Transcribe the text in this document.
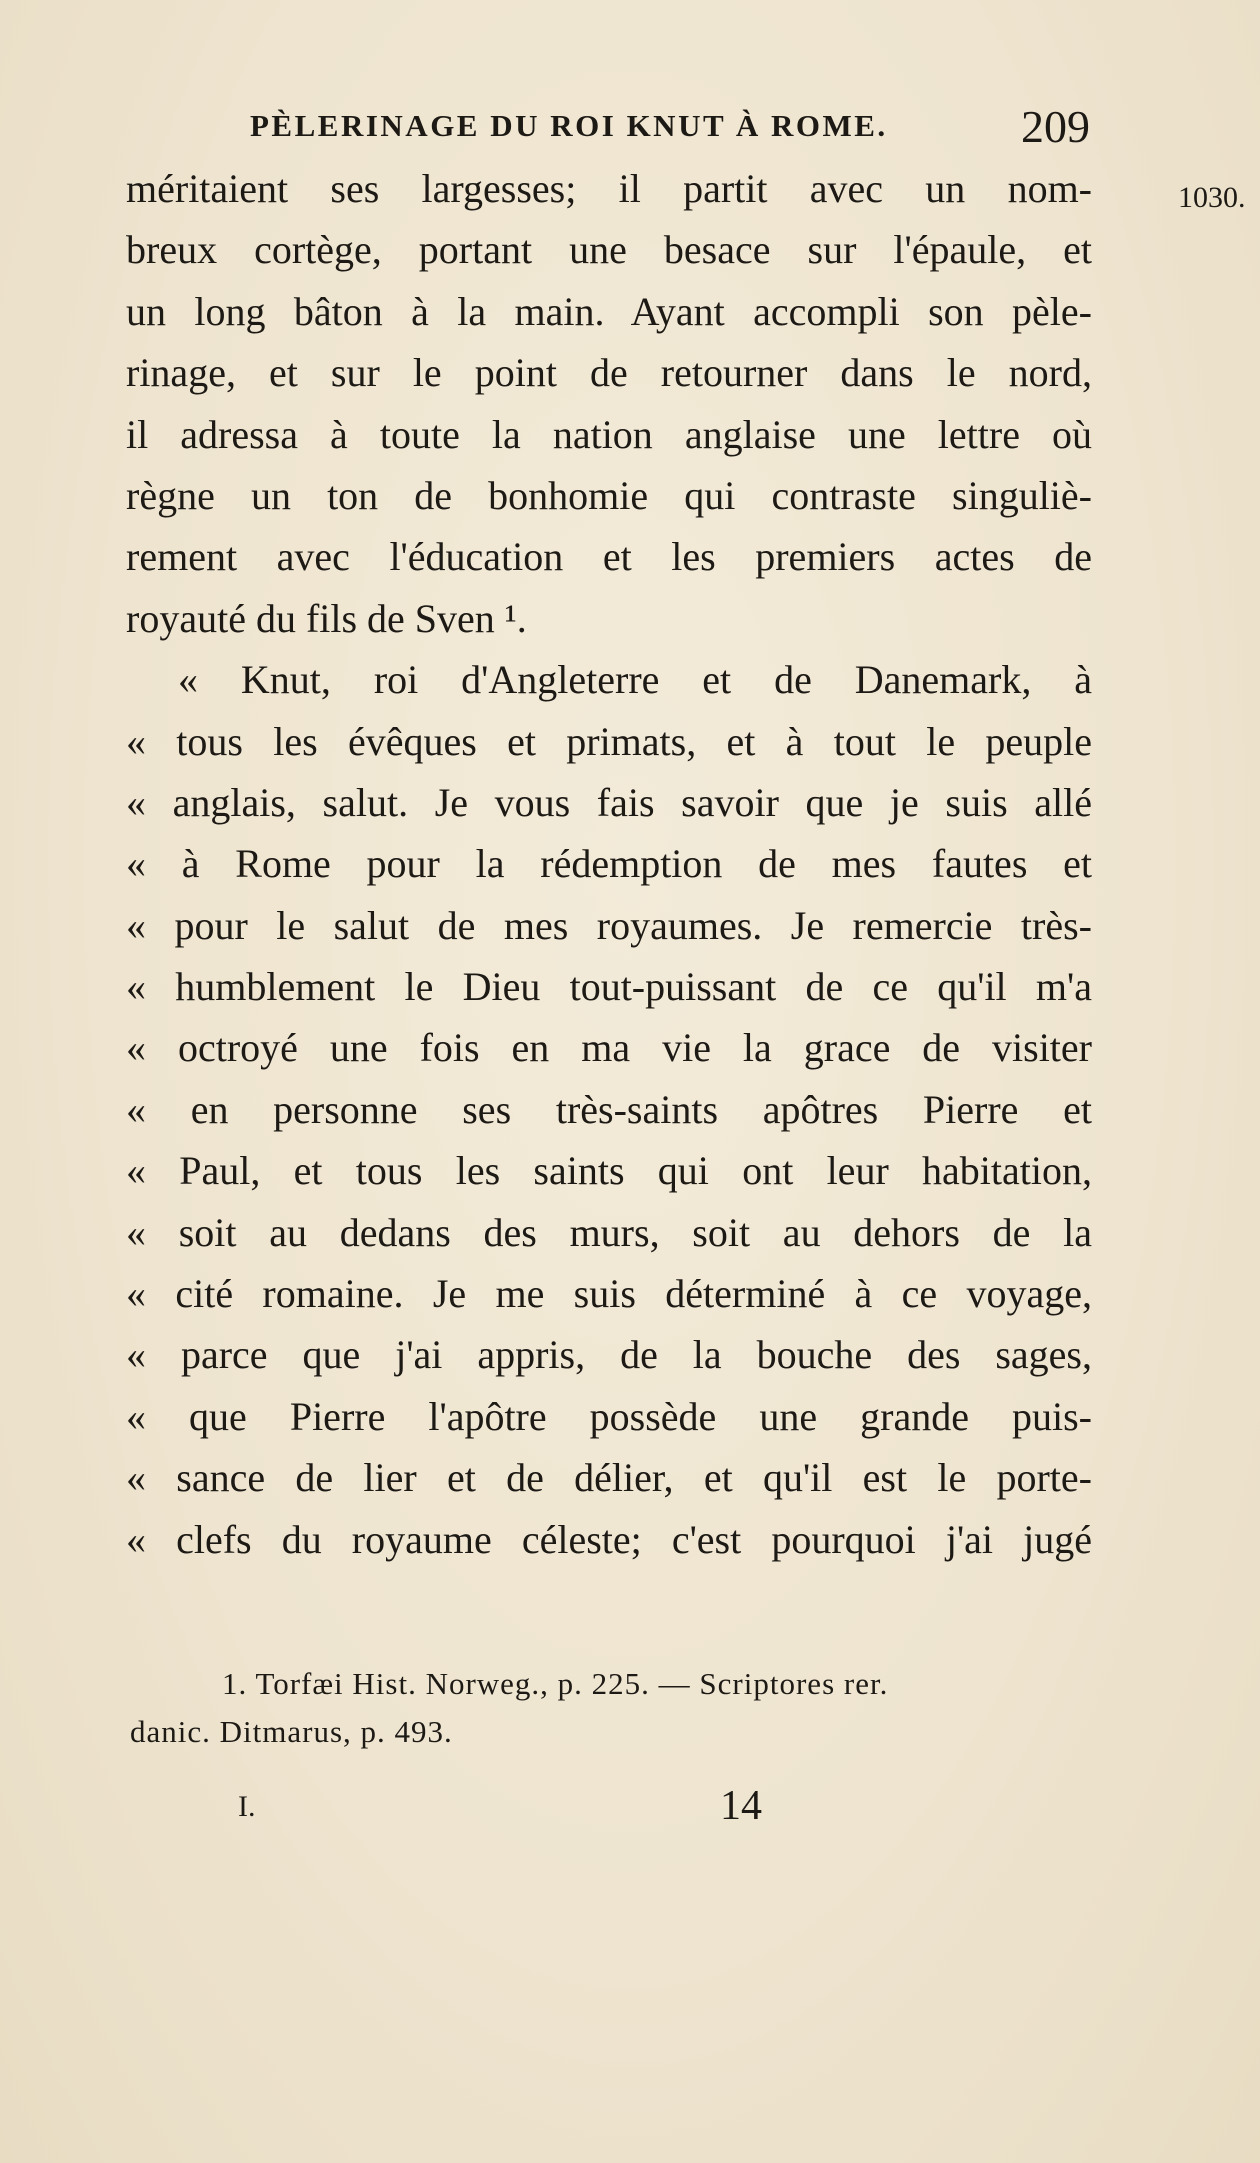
PÈLERINAGE DU ROI KNUT À ROME.	209
1030.
méritaient ses largesses; il partit avec un nom-
breux cortège, portant une besace sur l'épaule, et
un long bâton à la main. Ayant accompli son pèle-
rinage, et sur le point de retourner dans le nord,
il adressa à toute la nation anglaise une lettre où
règne un ton de bonhomie qui contraste singuliè-
rement avec l'éducation et les premiers actes de
royauté du fils de Sven ¹.
« Knut, roi d'Angleterre et de Danemark, à
« tous les évêques et primats, et à tout le peuple
« anglais, salut. Je vous fais savoir que je suis allé
« à Rome pour la rédemption de mes fautes et
« pour le salut de mes royaumes. Je remercie très-
« humblement le Dieu tout-puissant de ce qu'il m'a
« octroyé une fois en ma vie la grace de visiter
« en personne ses très-saints apôtres Pierre et
« Paul, et tous les saints qui ont leur habitation,
« soit au dedans des murs, soit au dehors de la
« cité romaine. Je me suis déterminé à ce voyage,
« parce que j'ai appris, de la bouche des sages,
« que Pierre l'apôtre possède une grande puis-
« sance de lier et de délier, et qu'il est le porte-
« clefs du royaume céleste; c'est pourquoi j'ai jugé
1. Torfæi Hist. Norweg., p. 225. — Scriptores rer.
danic. Ditmarus, p. 493.
I.	14
